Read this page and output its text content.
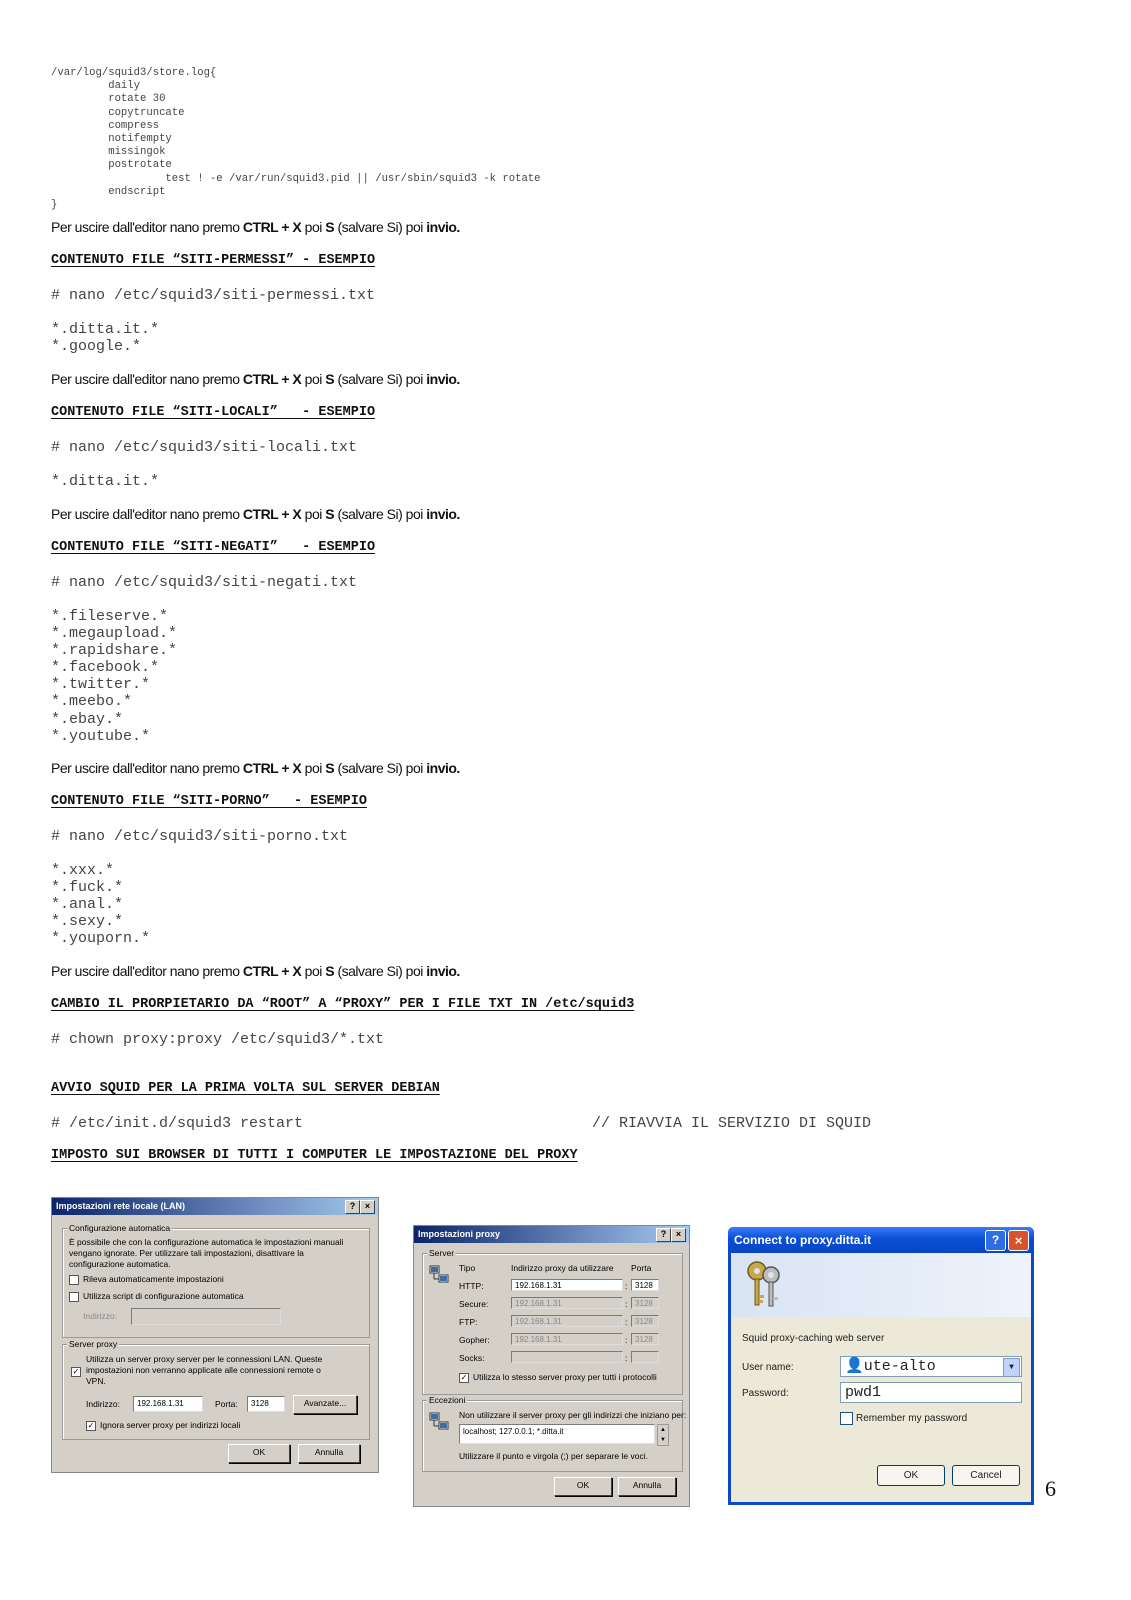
/var/log/squid3/store.log{
daily
rotate 30
copytruncate
compress
notifempty
missingok
postrotate
test ! -e /var/run/squid3.pid || /usr/sbin/squid3 -k rotate
endscript
}
Per uscire dall'editor nano premo CTRL + X poi S (salvare Si) poi invio.
CONTENUTO FILE “SITI-PERMESSI” - ESEMPIO
# nano /etc/squid3/siti-permessi.txt
*.ditta.it.*
*.google.*
Per uscire dall'editor nano premo CTRL + X poi S (salvare Si) poi invio.
CONTENUTO FILE “SITI-LOCALI”   - ESEMPIO
# nano /etc/squid3/siti-locali.txt
*.ditta.it.*
Per uscire dall'editor nano premo CTRL + X poi S (salvare Si) poi invio.
CONTENUTO FILE “SITI-NEGATI”   - ESEMPIO
# nano /etc/squid3/siti-negati.txt
*.fileserve.*
*.megaupload.*
*.rapidshare.*
*.facebook.*
*.twitter.*
*.meebo.*
*.ebay.*
*.youtube.*
Per uscire dall'editor nano premo CTRL + X poi S (salvare Si) poi invio.
CONTENUTO FILE “SITI-PORNO”   - ESEMPIO
# nano /etc/squid3/siti-porno.txt
*.xxx.*
*.fuck.*
*.anal.*
*.sexy.*
*.youporn.*
Per uscire dall'editor nano premo CTRL + X poi S (salvare Si) poi invio.
CAMBIO IL PRORPIETARIO DA “ROOT” A “PROXY” PER I FILE TXT IN /etc/squid3
# chown proxy:proxy /etc/squid3/*.txt
AVVIO SQUID PER LA PRIMA VOLTA SUL SERVER DEBIAN
# /etc/init.d/squid3 restart	// RIAVVIA IL SERVIZIO DI SQUID
IMPOSTO SUI BROWSER DI TUTTI I COMPUTER LE IMPOSTAZIONE DEL PROXY
Impostazioni rete locale (LAN)	?	×
Configurazione automatica
È possibile che con la configurazione automatica le impostazioni manuali
vengano ignorate. Per utilizzare tali impostazioni, disattivare la
configurazione automatica.
Rileva automaticamente impostazioni
Utilizza script di configurazione automatica
Indirizzo:
Server proxy
✓
Utilizza un server proxy server per le connessioni LAN. Queste
impostazioni non verranno applicate alle connessioni remote o
VPN.
Indirizzo:	192.168.1.31	Porta:	3128	Avanzate...
✓ Ignora server proxy per indirizzi locali
OK	Annulla
Impostazioni proxy	?	×
Server
Tipo	Indirizzo proxy da utilizzare Porta
HTTP:	192.168.1.31	: 3128
Secure:	192.168.1.31	: 3128
FTP:	192.168.1.31	: 3128
Gopher:	192.168.1.31	: 3128
Socks:	:
✓ Utilizza lo stesso server proxy per tutti i protocolli
Eccezioni
Non utilizzare il server proxy per gli indirizzi che iniziano per:
localhost; 127.0.0.1; *.ditta.it	▲
▼
Utilizzare il punto e virgola (;) per separare le voci.
OK	Annulla
Connect to proxy.ditta.it	?	×
Squid proxy-caching web server
User name:	👤ute-alto	▼
Password:	pwd1
Remember my password
OK	Cancel
6
